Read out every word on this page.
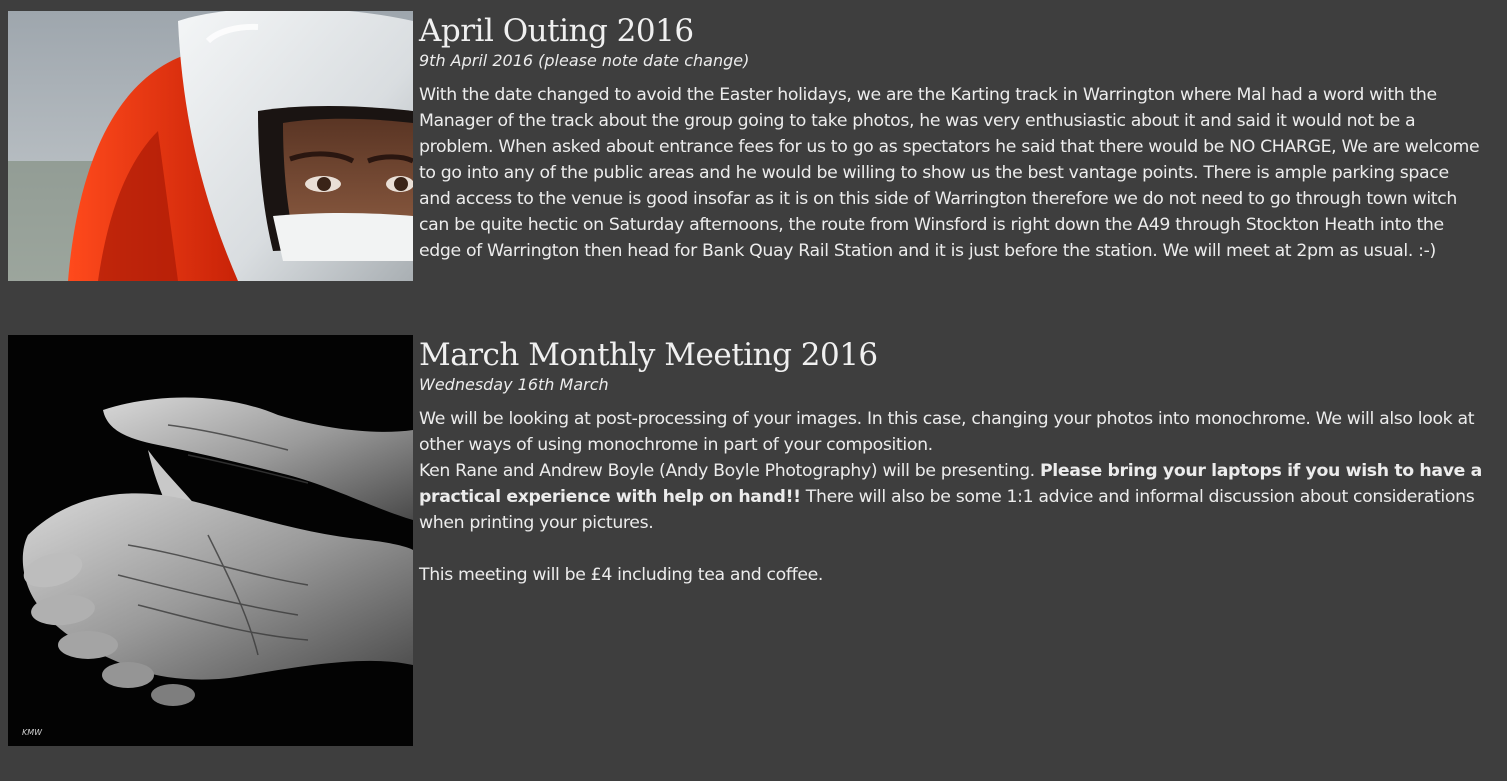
April Outing 2016

9th April 2016 (please note date change)

With the date changed to avoid the Easter holidays, we are the Karting track in Warrington where Mal had a word with the Manager of the track about the group going to take photos, he was very enthusiastic about it and said it would not be a problem. When asked about entrance fees for us to go as spectators he said that there would be NO CHARGE, We are welcome to go into any of the public areas and he would be willing to show us the best vantage points. There is ample parking space and access to the venue is good insofar as it is on this side of Warrington therefore we do not need to go through town witch can be quite hectic on Saturday afternoons, the route from Winsford is right down the A49 through Stockton Heath into the edge of Warrington then head for Bank Quay Rail Station and it is just before the station. We will meet at 2pm as usual. :-)

KMW
March Monthly Meeting 2016

Wednesday 16th March

We will be looking at post-processing of your images. In this case, changing your photos into monochrome. We will also look at other ways of using monochrome in part of your composition.
Ken Rane and Andrew Boyle (Andy Boyle Photography) will be presenting. Please bring your laptops if you wish to have a practical experience with help on hand!! There will also be some 1:1 advice and informal discussion about considerations when printing your pictures.

This meeting will be £4 including tea and coffee.
